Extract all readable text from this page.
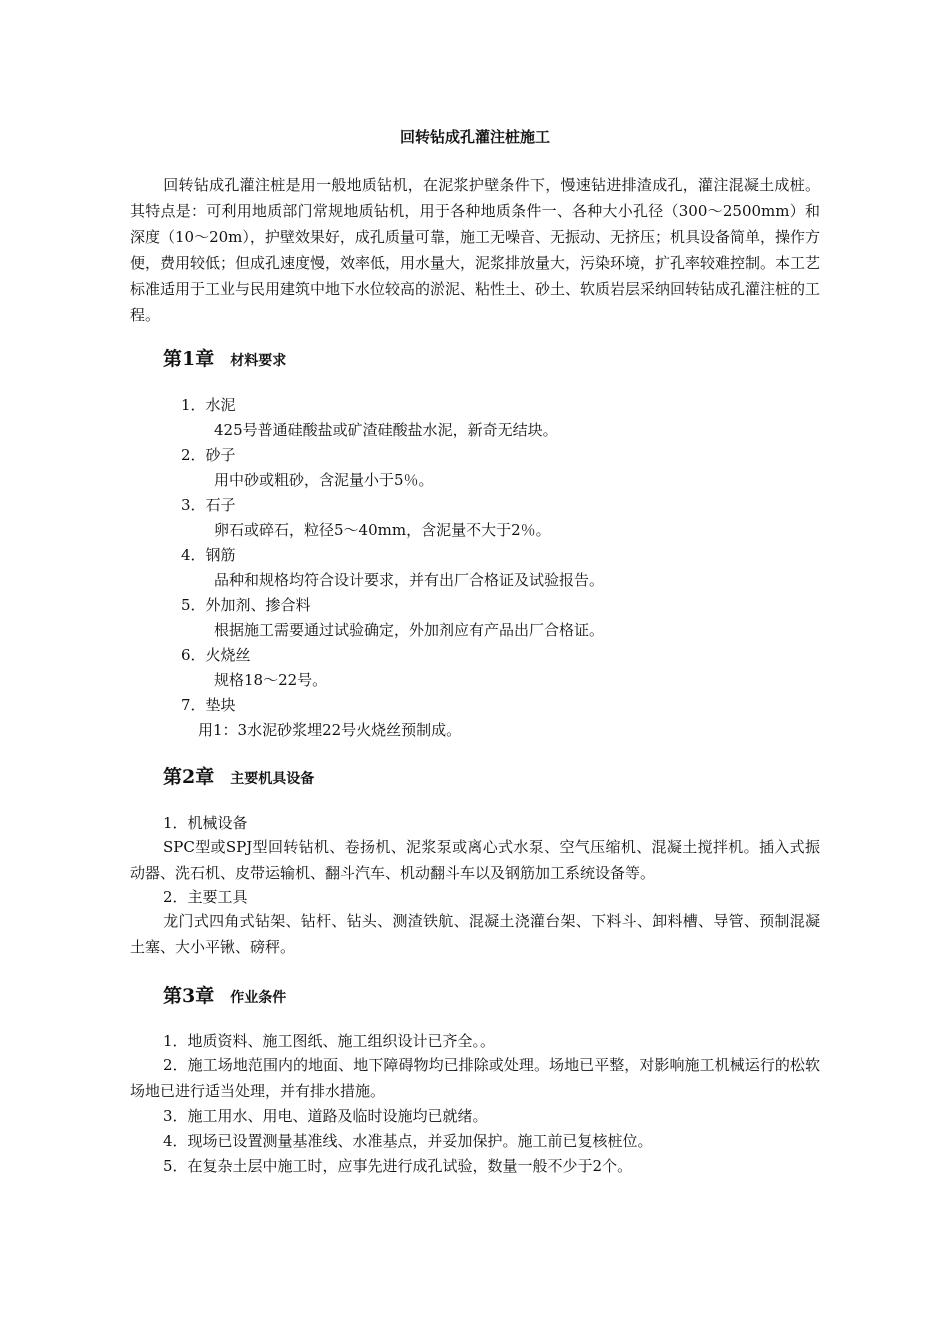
回转钻成孔灌注桩施工

回转钻成孔灌注桩是用一般地质钻机，在泥浆护壁条件下，慢速钻进排渣成孔，灌注混凝土成桩。其特点是：可利用地质部门常规地质钻机，用于各种地质条件一、各种大小孔径（300～2500mm）和深度（10～20m），护壁效果好，成孔质量可靠，施工无噪音、无振动、无挤压；机具设备简单，操作方便，费用较低；但成孔速度慢，效率低，用水量大，泥浆排放量大，污染环境，扩孔率较难控制。本工艺标准适用于工业与民用建筑中地下水位较高的淤泥、粘性土、砂土、软质岩层采纳回转钻成孔灌注桩的工程。

第1章 材料要求
1．水泥
425号普通硅酸盐或矿渣硅酸盐水泥，新奇无结块。
2．砂子
用中砂或粗砂，含泥量小于5％。
3．石子
卵石或碎石，粒径5～40mm，含泥量不大于2％。
4．钢筋
品种和规格均符合设计要求，并有出厂合格证及试验报告。
5．外加剂、掺合料
根据施工需要通过试验确定，外加剂应有产品出厂合格证。
6．火烧丝
规格18～22号。
7．垫块
用1：3水泥砂浆埋22号火烧丝预制成。
第2章 主要机具设备
1．机械设备

SPC型或SPJ型回转钻机、卷扬机、泥浆泵或离心式水泵、空气压缩机、混凝土搅拌机。插入式振动器、洗石机、皮带运输机、翻斗汽车、机动翻斗车以及钢筋加工系统设备等。

2．主要工具

龙门式四角式钻架、钻杆、钻头、测渣铁航、混凝土浇灌台架、下料斗、卸料槽、导管、预制混凝土塞、大小平锹、磅秤。

第3章 作业条件

1．地质资料、施工图纸、施工组织设计已齐全。。

2．施工场地范围内的地面、地下障碍物均已排除或处理。场地已平整，对影响施工机械运行的松软场地已进行适当处理，并有排水措施。

3．施工用水、用电、道路及临时设施均已就绪。

4．现场已设置测量基准线、水准基点，并妥加保护。施工前已复核桩位。

5．在复杂土层中施工时，应事先进行成孔试验，数量一般不少于2个。
